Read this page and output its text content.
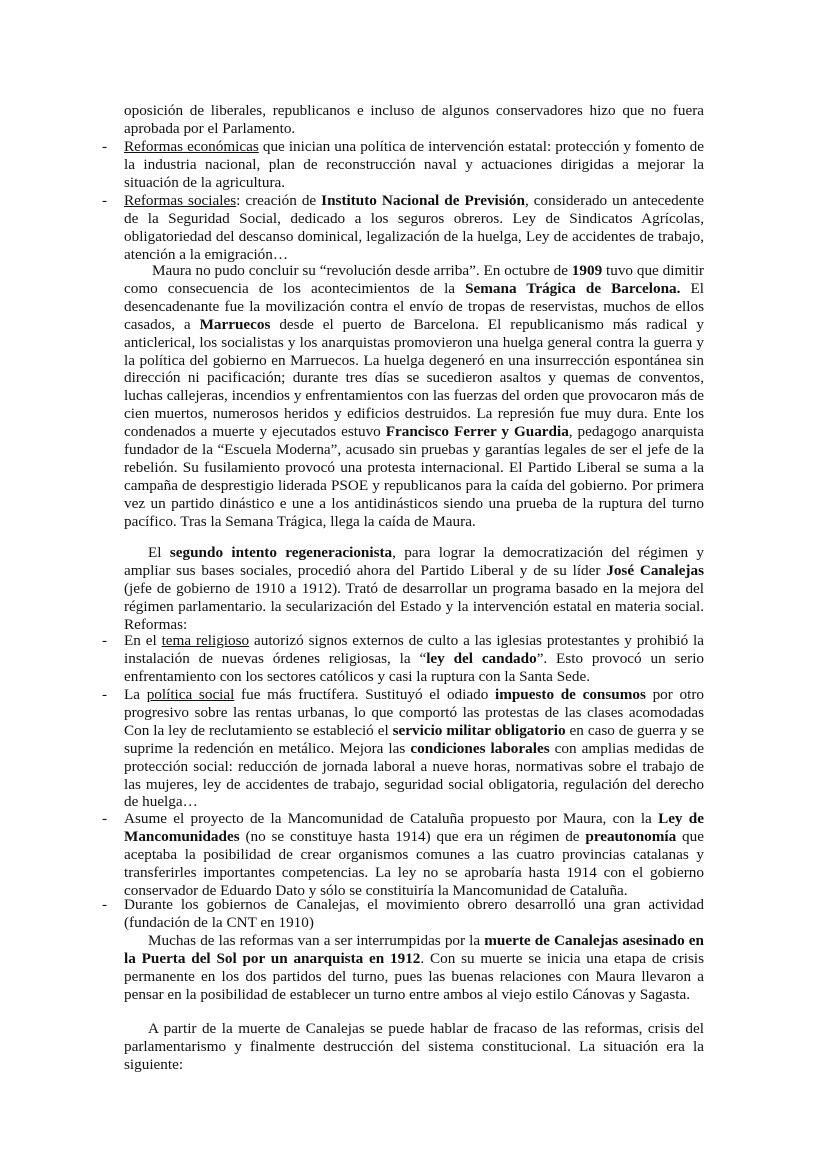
oposición de liberales, republicanos e incluso de algunos conservadores hizo que no fuera aprobada por el Parlamento.
- Reformas económicas que inician una política de intervención estatal: protección y fomento de la industria nacional, plan de reconstrucción naval y actuaciones dirigidas a mejorar la situación de la agricultura.
- Reformas sociales: creación de Instituto Nacional de Previsión, considerado un antecedente de la Seguridad Social, dedicado a los seguros obreros. Ley de Sindicatos Agrícolas, obligatoriedad del descanso dominical, legalización de la huelga, Ley de accidentes de trabajo, atención a la emigración…
Maura no pudo concluir su “revolución desde arriba”. En octubre de 1909 tuvo que dimitir como consecuencia de los acontecimientos de la Semana Trágica de Barcelona. El desencadenante fue la movilización contra el envío de tropas de reservistas, muchos de ellos casados, a Marruecos desde el puerto de Barcelona. El republicanismo más radical y anticlerical, los socialistas y los anarquistas promovieron una huelga general contra la guerra y la política del gobierno en Marruecos. La huelga degeneró en una insurrección espontánea sin dirección ni pacificación; durante tres días se sucedieron asaltos y quemas de conventos, luchas callejeras, incendios y enfrentamientos con las fuerzas del orden que provocaron más de cien muertos, numerosos heridos y edificios destruidos. La represión fue muy dura. Ente los condenados a muerte y ejecutados estuvo Francisco Ferrer y Guardia, pedagogo anarquista fundador de la “Escuela Moderna”, acusado sin pruebas y garantías legales de ser el jefe de la rebelión. Su fusilamiento provocó una protesta internacional. El Partido Liberal se suma a la campaña de desprestigio liderada PSOE y republicanos para la caída del gobierno. Por primera vez un partido dinástico e une a los antidinásticos siendo una prueba de la ruptura del turno pacífico. Tras la Semana Trágica, llega la caída de Maura.
El segundo intento regeneracionista, para lograr la democratización del régimen y ampliar sus bases sociales, procedió ahora del Partido Liberal y de su líder José Canalejas (jefe de gobierno de 1910 a 1912). Trató de desarrollar un programa basado en la mejora del régimen parlamentario. la secularización del Estado y la intervención estatal en materia social. Reformas:
- En el tema religioso autorizó signos externos de culto a las iglesias protestantes y prohibió la instalación de nuevas órdenes religiosas, la “ley del candado”. Esto provocó un serio enfrentamiento con los sectores católicos y casi la ruptura con la Santa Sede.
- La política social fue más fructífera. Sustituyó el odiado impuesto de consumos por otro progresivo sobre las rentas urbanas, lo que comportó las protestas de las clases acomodadas Con la ley de reclutamiento se estableció el servicio militar obligatorio en caso de guerra y se suprime la redención en metálico. Mejora las condiciones laborales con amplias medidas de protección social: reducción de jornada laboral a nueve horas, normativas sobre el trabajo de las mujeres, ley de accidentes de trabajo, seguridad social obligatoria, regulación del derecho de huelga…
- Asume el proyecto de la Mancomunidad de Cataluña propuesto por Maura, con la Ley de Mancomunidades (no se constituye hasta 1914) que era un régimen de preautonomía que aceptaba la posibilidad de crear organismos comunes a las cuatro provincias catalanas y transferirles importantes competencias. La ley no se aprobaría hasta 1914 con el gobierno conservador de Eduardo Dato y sólo se constituiría la Mancomunidad de Cataluña.
- Durante los gobiernos de Canalejas, el movimiento obrero desarrolló una gran actividad (fundación de la CNT en 1910)
Muchas de las reformas van a ser interrumpidas por la muerte de Canalejas asesinado en la Puerta del Sol por un anarquista en 1912. Con su muerte se inicia una etapa de crisis permanente en los dos partidos del turno, pues las buenas relaciones con Maura llevaron a pensar en la posibilidad de establecer un turno entre ambos al viejo estilo Cánovas y Sagasta.
A partir de la muerte de Canalejas se puede hablar de fracaso de las reformas, crisis del parlamentarismo y finalmente destrucción del sistema constitucional. La situación era la siguiente:
